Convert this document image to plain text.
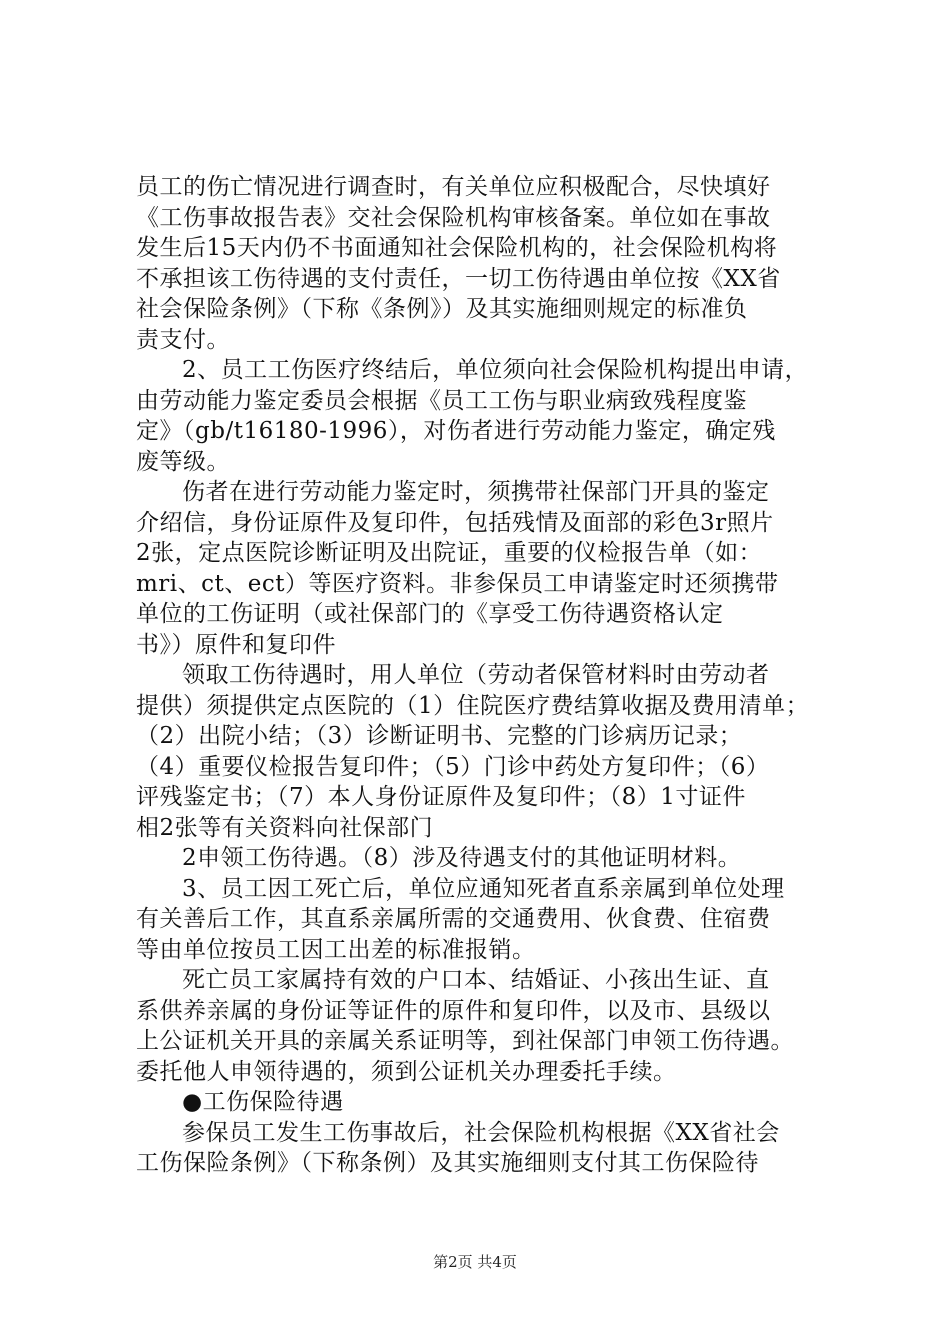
员工的伤亡情况进行调查时，有关单位应积极配合，尽快填好
《工伤事故报告表》交社会保险机构审核备案。单位如在事故
发生后15天内仍不书面通知社会保险机构的，社会保险机构将
不承担该工伤待遇的支付责任，一切工伤待遇由单位按《XX省
社会保险条例》（下称《条例》）及其实施细则规定的标准负
责支付。
2、员工工伤医疗终结后，单位须向社会保险机构提出申请，
由劳动能力鉴定委员会根据《员工工伤与职业病致残程度鉴
定》（gb/t16180-1996），对伤者进行劳动能力鉴定，确定残
废等级。
伤者在进行劳动能力鉴定时，须携带社保部门开具的鉴定
介绍信，身份证原件及复印件，包括残情及面部的彩色3r照片
2张，定点医院诊断证明及出院证，重要的仪检报告单（如：
mri、ct、ect）等医疗资料。非参保员工申请鉴定时还须携带
单位的工伤证明（或社保部门的《享受工伤待遇资格认定
书》）原件和复印件
领取工伤待遇时，用人单位（劳动者保管材料时由劳动者
提供）须提供定点医院的（1）住院医疗费结算收据及费用清单；
（2）出院小结；（3）诊断证明书、完整的门诊病历记录；
（4）重要仪检报告复印件；（5）门诊中药处方复印件；（6）
评残鉴定书；（7）本人身份证原件及复印件；（8）1寸证件
相2张等有关资料向社保部门
2申领工伤待遇。（8）涉及待遇支付的其他证明材料。
3、员工因工死亡后，单位应通知死者直系亲属到单位处理
有关善后工作，其直系亲属所需的交通费用、伙食费、住宿费
等由单位按员工因工出差的标准报销。
死亡员工家属持有效的户口本、结婚证、小孩出生证、直
系供养亲属的身份证等证件的原件和复印件，以及市、县级以
上公证机关开具的亲属关系证明等，到社保部门申领工伤待遇。
委托他人申领待遇的，须到公证机关办理委托手续。
●工伤保险待遇
参保员工发生工伤事故后，社会保险机构根据《XX省社会
工伤保险条例》（下称条例）及其实施细则支付其工伤保险待
第2页 共4页
